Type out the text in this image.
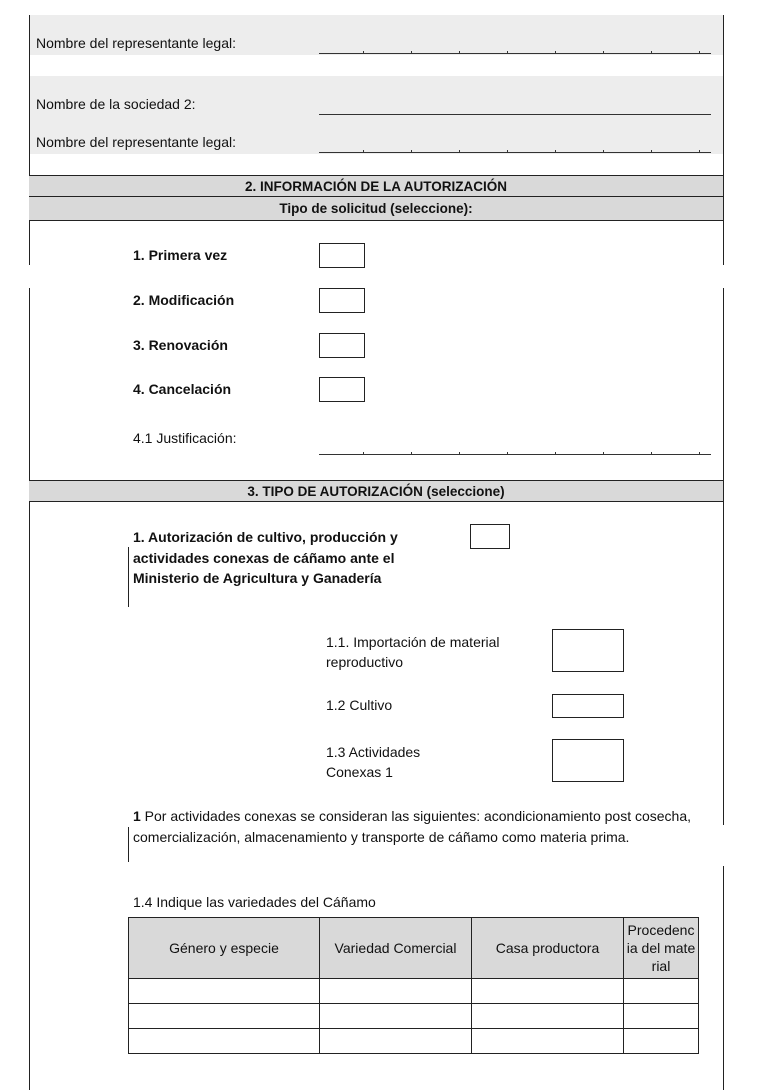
Nombre del representante legal:
Nombre de la sociedad 2:
Nombre del representante legal:
2. INFORMACIÓN DE LA AUTORIZACIÓN
Tipo de solicitud (seleccione):
1. Primera vez
2. Modificación
3. Renovación
4. Cancelación
4.1 Justificación:
3. TIPO DE AUTORIZACIÓN (seleccione)
1. Autorización de cultivo, producción y actividades conexas de cáñamo ante el Ministerio de Agricultura y Ganadería
1.1. Importación de material reproductivo
1.2 Cultivo
1.3 Actividades Conexas 1
1 Por actividades conexas se consideran las siguientes: acondicionamiento post cosecha, comercialización, almacenamiento y transporte de cáñamo como materia prima.
1.4 Indique las variedades del Cáñamo
Género y especie	Variedad Comercial	Casa productora	Procedencia del material
